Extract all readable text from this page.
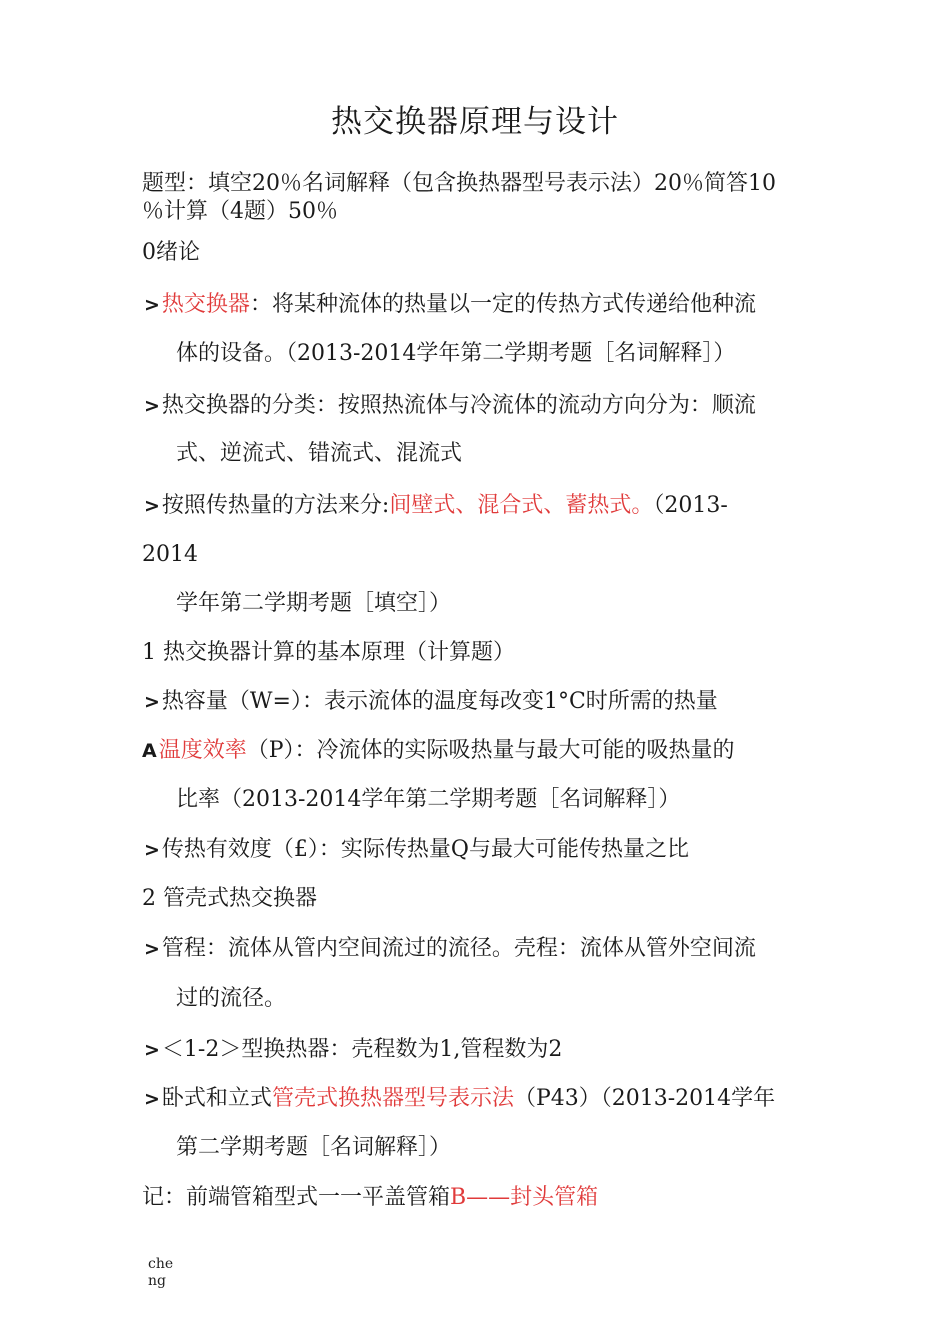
热交换器原理与设计
题型：填空20％名词解释（包含换热器型号表示法）20％简答10
％计算（4题）50％
0绪论
>热交换器：将某种流体的热量以一定的传热方式传递给他种流
体的设备。（2013-2014学年第二学期考题［名词解释］）
>热交换器的分类：按照热流体与冷流体的流动方向分为：顺流
式、逆流式、错流式、混流式
>按照传热量的方法来分:间壁式、混合式、蓄热式。（2013-
2014
学年第二学期考题［填空］）
1 热交换器计算的基本原理（计算题）
>热容量（W=）：表示流体的温度每改变1°C时所需的热量
A温度效率（P）：冷流体的实际吸热量与最大可能的吸热量的
比率（2013-2014学年第二学期考题［名词解释］）
>传热有效度（£）：实际传热量Q与最大可能传热量之比
2 管壳式热交换器
>管程：流体从管内空间流过的流径。壳程：流体从管外空间流
过的流径。
>＜1-2＞型换热器：壳程数为1,管程数为2
>卧式和立式管壳式换热器型号表示法（P43）（2013-2014学年
第二学期考题［名词解释］）
记：前端管箱型式一一平盖管箱B——封头管箱
che
ng
